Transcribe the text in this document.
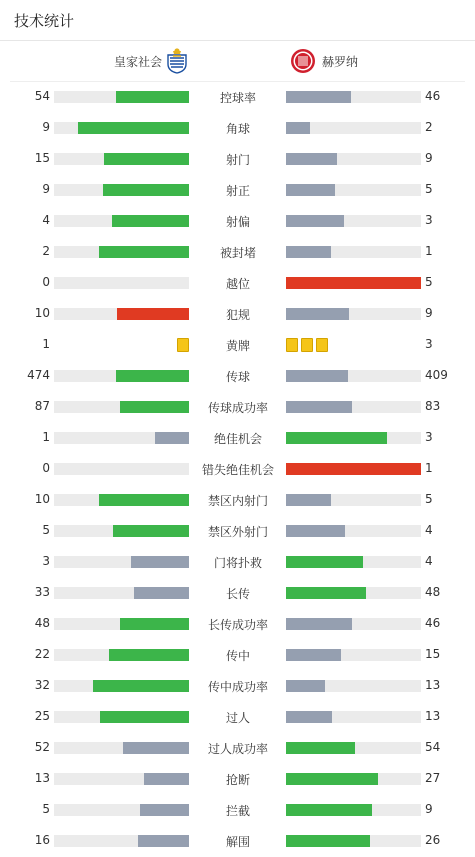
技术统计
皇家社会	赫罗纳
54	控球率	46
9	角球	2
15	射门	9
9	射正	5
4	射偏	3
2	被封堵	1
0	越位	5
10	犯规	9
1	黄牌	3
474	传球	409
87	传球成功率	83
1	绝佳机会	3
0	错失绝佳机会	1
10	禁区内射门	5
5	禁区外射门	4
3	门将扑救	4
33	长传	48
48	长传成功率	46
22	传中	15
32	传中成功率	13
25	过人	13
52	过人成功率	54
13	抢断	27
5	拦截	9
16	解围	26
